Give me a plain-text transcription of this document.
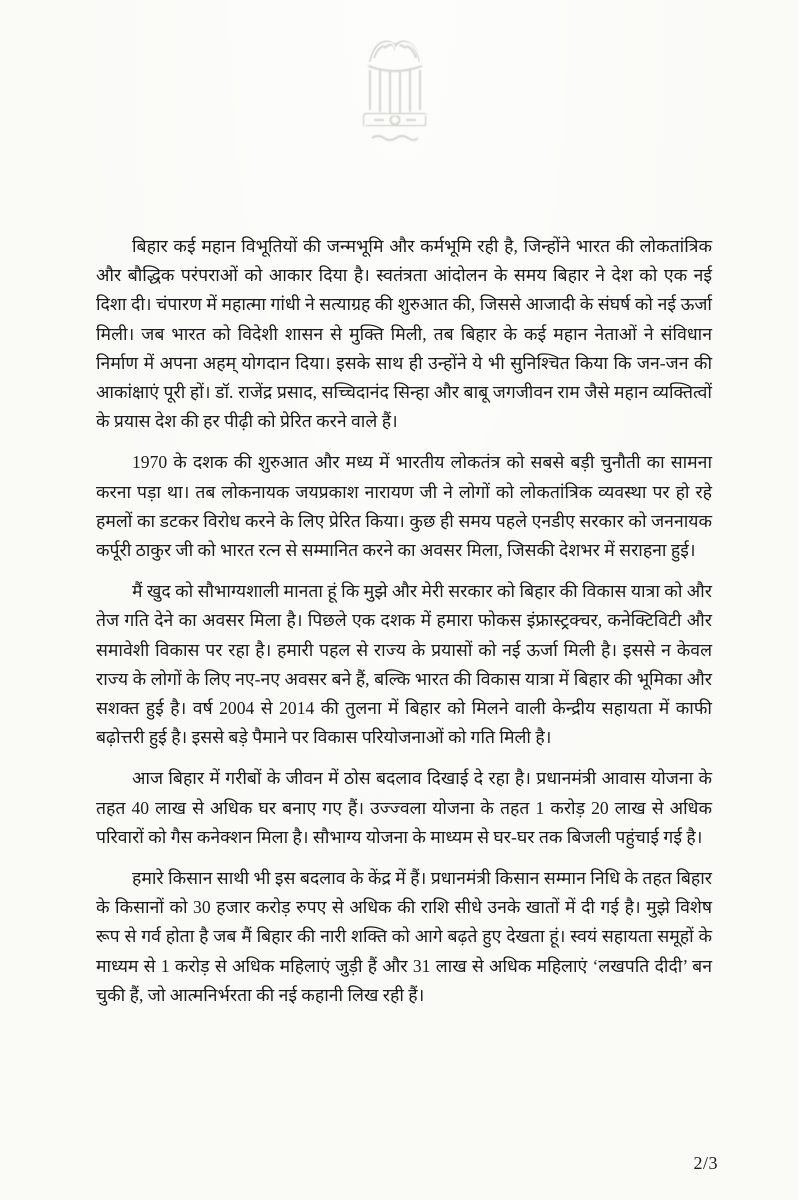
बिहार कई महान विभूतियों की जन्मभूमि और कर्मभूमि रही है, जिन्होंने भारत की लोकतांत्रिक और बौद्धिक परंपराओं को आकार दिया है। स्वतंत्रता आंदोलन के समय बिहार ने देश को एक नई दिशा दी। चंपारण में महात्मा गांधी ने सत्याग्रह की शुरुआत की, जिससे आजादी के संघर्ष को नई ऊर्जा मिली। जब भारत को विदेशी शासन से मुक्ति मिली, तब बिहार के कई महान नेताओं ने संविधान निर्माण में अपना अहम् योगदान दिया। इसके साथ ही उन्होंने ये भी सुनिश्चित किया कि जन-जन की आकांक्षाएं पूरी हों। डॉ. राजेंद्र प्रसाद, सच्चिदानंद सिन्हा और बाबू जगजीवन राम जैसे महान व्यक्तित्वों के प्रयास देश की हर पीढ़ी को प्रेरित करने वाले हैं।

1970 के दशक की शुरुआत और मध्य में भारतीय लोकतंत्र को सबसे बड़ी चुनौती का सामना करना पड़ा था। तब लोकनायक जयप्रकाश नारायण जी ने लोगों को लोकतांत्रिक व्यवस्था पर हो रहे हमलों का डटकर विरोध करने के लिए प्रेरित किया। कुछ ही समय पहले एनडीए सरकार को जननायक कर्पूरी ठाकुर जी को भारत रत्न से सम्मानित करने का अवसर मिला, जिसकी देशभर में सराहना हुई।

मैं खुद को सौभाग्यशाली मानता हूं कि मुझे और मेरी सरकार को बिहार की विकास यात्रा को और तेज गति देने का अवसर मिला है। पिछले एक दशक में हमारा फोकस इंफ्रास्ट्रक्चर, कनेक्टिविटी और समावेशी विकास पर रहा है। हमारी पहल से राज्य के प्रयासों को नई ऊर्जा मिली है। इससे न केवल राज्य के लोगों के लिए नए-नए अवसर बने हैं, बल्कि भारत की विकास यात्रा में बिहार की भूमिका और सशक्त हुई है। वर्ष 2004 से 2014 की तुलना में बिहार को मिलने वाली केन्द्रीय सहायता में काफी बढ़ोत्तरी हुई है। इससे बड़े पैमाने पर विकास परियोजनाओं को गति मिली है।

आज बिहार में गरीबों के जीवन में ठोस बदलाव दिखाई दे रहा है। प्रधानमंत्री आवास योजना के तहत 40 लाख से अधिक घर बनाए गए हैं। उज्ज्वला योजना के तहत 1 करोड़ 20 लाख से अधिक परिवारों को गैस कनेक्शन मिला है। सौभाग्य योजना के माध्यम से घर-घर तक बिजली पहुंचाई गई है।

हमारे किसान साथी भी इस बदलाव के केंद्र में हैं। प्रधानमंत्री किसान सम्मान निधि के तहत बिहार के किसानों को 30 हजार करोड़ रुपए से अधिक की राशि सीधे उनके खातों में दी गई है। मुझे विशेष रूप से गर्व होता है जब मैं बिहार की नारी शक्ति को आगे बढ़ते हुए देखता हूं। स्वयं सहायता समूहों के माध्यम से 1 करोड़ से अधिक महिलाएं जुड़ी हैं और 31 लाख से अधिक महिलाएं ‘लखपति दीदी’ बन चुकी हैं, जो आत्मनिर्भरता की नई कहानी लिख रही हैं।

2/3
